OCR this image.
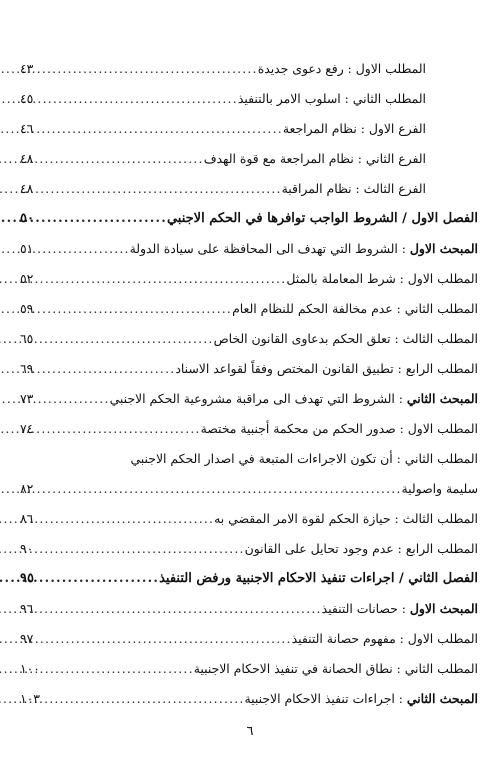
المطلب الاول : رفع دعوى جديدة
.....
٤٣
المطلب الثاني : اسلوب الامر بالتنفيذ
.....
٤٥
الفرع الاول : نظام المراجعة
.....
٤٦
الفرع الثاني : نظام المراجعة مع قوة الهدف
.....
٤٨
الفرع الثالث : نظام المراقبة
.....
٤٨
الفصل الاول / الشروط الواجب توافرها في الحكم الاجنبي
.....
٥٠
المبحث الاول : الشروط التي تهدف الى المحافظة على سيادة الدولة
.....
٥١
المطلب الاول : شرط المعاملة بالمثل
.....
٥٢
المطلب الثاني : عدم مخالفة الحكم للنظام العام
.....
٥٩
المطلب الثالث : تعلق الحكم بدعاوى القانون الخاص
.....
٦٥
المطلب الرابع : تطبيق القانون المختص وفقاً لقواعد الاسناد
.....
٦٩
المبحث الثاني : الشروط التي تهدف الى مراقبة مشروعية الحكم الاجنبي
.....
٧٣
المطلب الاول : صدور الحكم من محكمة أجنبية مختصة
.....
٧٤
المطلب الثاني : أن تكون الاجراءات المتبعة في اصدار الحكم الاجنبي
سليمة واصولية
.....
٨٢
المطلب الثالث : حيازة الحكم لقوة الامر المقضي به
.....
٨٦
المطلب الرابع : عدم وجود تحايل على القانون
.....
٩٠
الفصل الثاني / اجراءات تنفيذ الاحكام الاجنبية ورفض التنفيذ
.....
٩٥
المبحث الاول : حصانات التنفيذ
.....
٩٦
المطلب الاول : مفهوم حصانة التنفيذ
.....
٩٧
المطلب الثاني : نطاق الحصانة في تنفيذ الاحكام الاجنبية
.....
١٠٠
المبحث الثاني : اجراءات تنفيذ الاحكام الاجنبية
.....
١٠٣
٦
